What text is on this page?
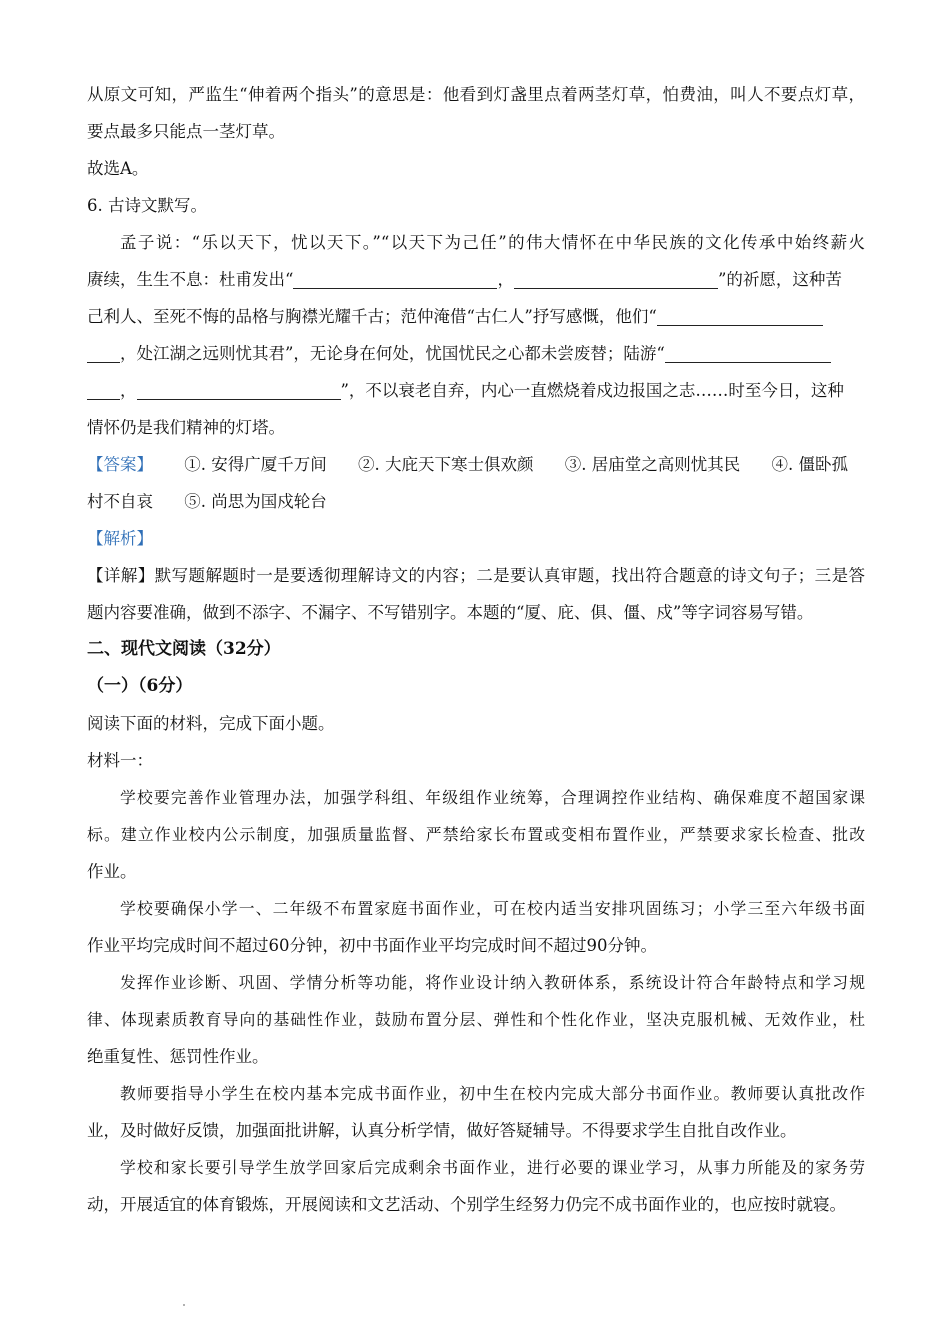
从原文可知，严监生“伸着两个指头”的意思是：他看到灯盏里点着两茎灯草，怕费油，叫人不要点灯草，
要点最多只能点一茎灯草。
故选A。
6. 古诗文默写。
孟子说：“乐以天下，忧以天下。”“以天下为己任”的伟大情怀在中华民族的文化传承中始终薪火
赓续，生生不息：杜甫发出“	，	”的祈愿，这种苦
己利人、至死不悔的品格与胸襟光耀千古；范仲淹借“古仁人”抒写感慨，他们“
，处江湖之远则忧其君”，无论身在何处，忧国忧民之心都未尝废替；陆游“
，	”，不以衰老自弃，内心一直燃烧着戍边报国之志……时至今日，这种
情怀仍是我们精神的灯塔。
【答案】 ①. 安得广厦千万间 ②. 大庇天下寒士俱欢颜 ③. 居庙堂之高则忧其民 ④. 僵卧孤
村不自哀 ⑤. 尚思为国戍轮台
【解析】
【详解】默写题解题时一是要透彻理解诗文的内容；二是要认真审题，找出符合题意的诗文句子；三是答
题内容要准确，做到不添字、不漏字、不写错别字。本题的“厦、庇、俱、僵、戍”等字词容易写错。
二、现代文阅读（32分）
（一）（6分）
阅读下面的材料，完成下面小题。
材料一：
学校要完善作业管理办法，加强学科组、年级组作业统筹，合理调控作业结构、确保难度不超国家课
标。建立作业校内公示制度，加强质量监督、严禁给家长布置或变相布置作业，严禁要求家长检查、批改
作业。
学校要确保小学一、二年级不布置家庭书面作业，可在校内适当安排巩固练习；小学三至六年级书面
作业平均完成时间不超过60分钟，初中书面作业平均完成时间不超过90分钟。
发挥作业诊断、巩固、学情分析等功能，将作业设计纳入教研体系，系统设计符合年龄特点和学习规
律、体现素质教育导向的基础性作业，鼓励布置分层、弹性和个性化作业，坚决克服机械、无效作业，杜
绝重复性、惩罚性作业。
教师要指导小学生在校内基本完成书面作业，初中生在校内完成大部分书面作业。教师要认真批改作
业，及时做好反馈，加强面批讲解，认真分析学情，做好答疑辅导。不得要求学生自批自改作业。
学校和家长要引导学生放学回家后完成剩余书面作业，进行必要的课业学习，从事力所能及的家务劳
动，开展适宜的体育锻炼，开展阅读和文艺活动、个别学生经努力仍完不成书面作业的，也应按时就寝。
